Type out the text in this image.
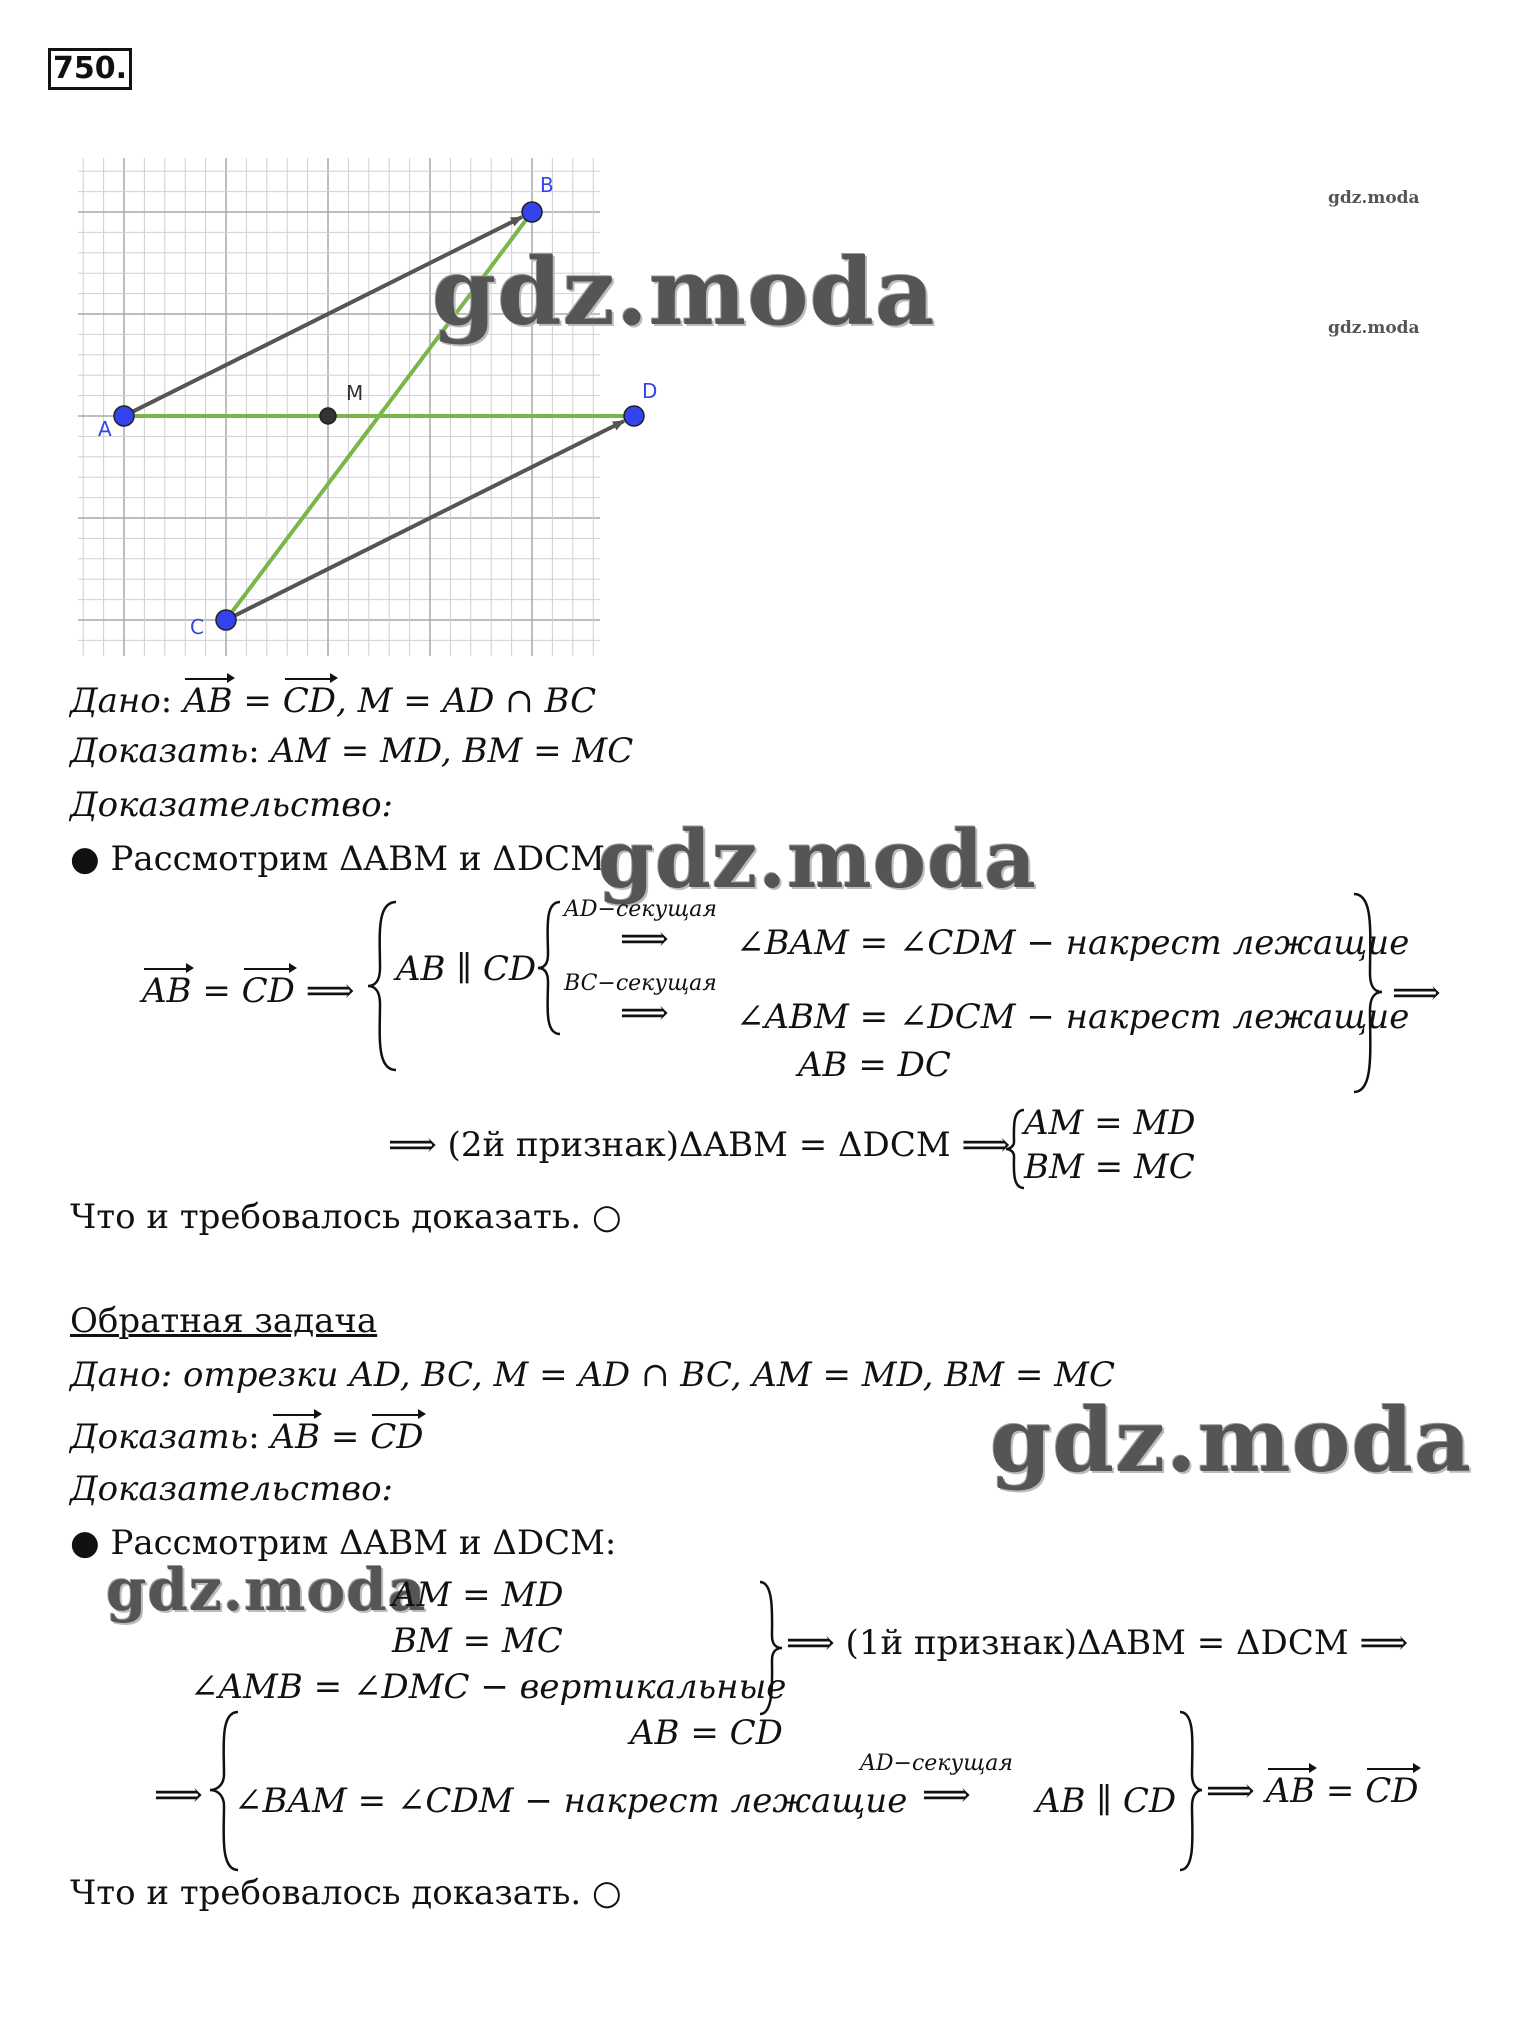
750.
gdz.moda
gdz.moda
A
B
C
D
M
gdz.moda
Дано: AB = CD, M = AD ∩ BC
Доказать: AM = MD, BM = MC
Доказательство:
● Рассмотрим ΔABM и ΔDCM:
gdz.moda
AB = CD ⟹
AB ∥ CD
AD−секущая
⟹ ∠BAM = ∠CDM − накрест лежащие
BC−секущая
⟹ ∠ABM = ∠DCM − накрест лежащие
AB = DC
⟹
⟹ (2й признак)ΔABM = ΔDCM ⟹
AM = MD
BM = MC
Что и требовалось доказать. ○
Обратная задача
Дано: отрезки AD, BC, M = AD ∩ BC, AM = MD, BM = MC
Доказать: AB = CD	gdz.moda
Доказательство:
● Рассмотрим ΔABM и ΔDCM:
gdz.moda
AM = MD
BM = MC
∠AMB = ∠DMC − вертикальные
⟹ (1й признак)ΔABM = ΔDCM ⟹
⟹
AB = CD
∠BAM = ∠CDM − накрест лежащие
AD−секущая
⟹ AB ∥ CD ⟹ AB = CD
Что и требовалось доказать. ○
